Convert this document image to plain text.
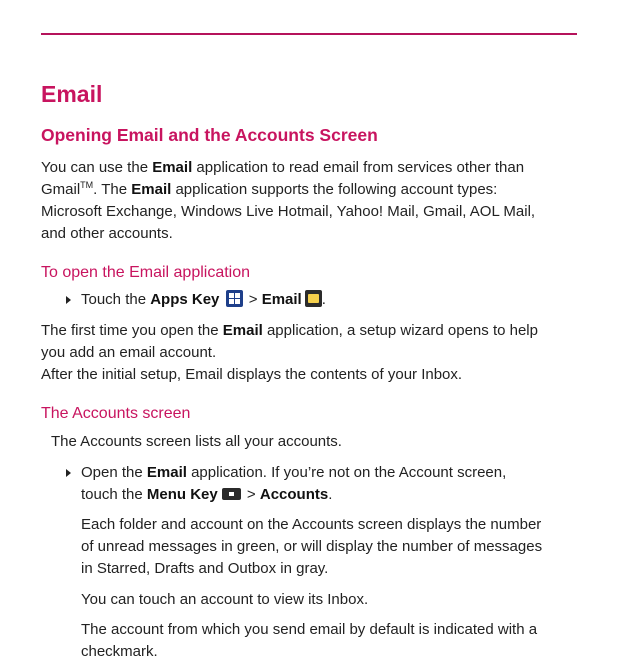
Email
Opening Email and the Accounts Screen

You can use the Email application to read email from services other than

Gmail™. The Email application supports the following account types:

Microsoft Exchange, Windows Live Hotmail, Yahoo! Mail, Gmail, AOL Mail,

and other accounts.

To open the Email application
Touch the Apps Key
> Email .

The first time you open the Email application, a setup wizard opens to help

you add an email account.

After the initial setup, Email displays the contents of your Inbox.

The Accounts screen

The Accounts screen lists all your accounts.

Open the Email application. If you’re not on the Account screen,

touch the Menu Key
> Accounts.

Each folder and account on the Accounts screen displays the number

of unread messages in green, or will display the number of messages

in Starred, Drafts and Outbox in gray.

You can touch an account to view its Inbox.

The account from which you send email by default is indicated with a

checkmark.
